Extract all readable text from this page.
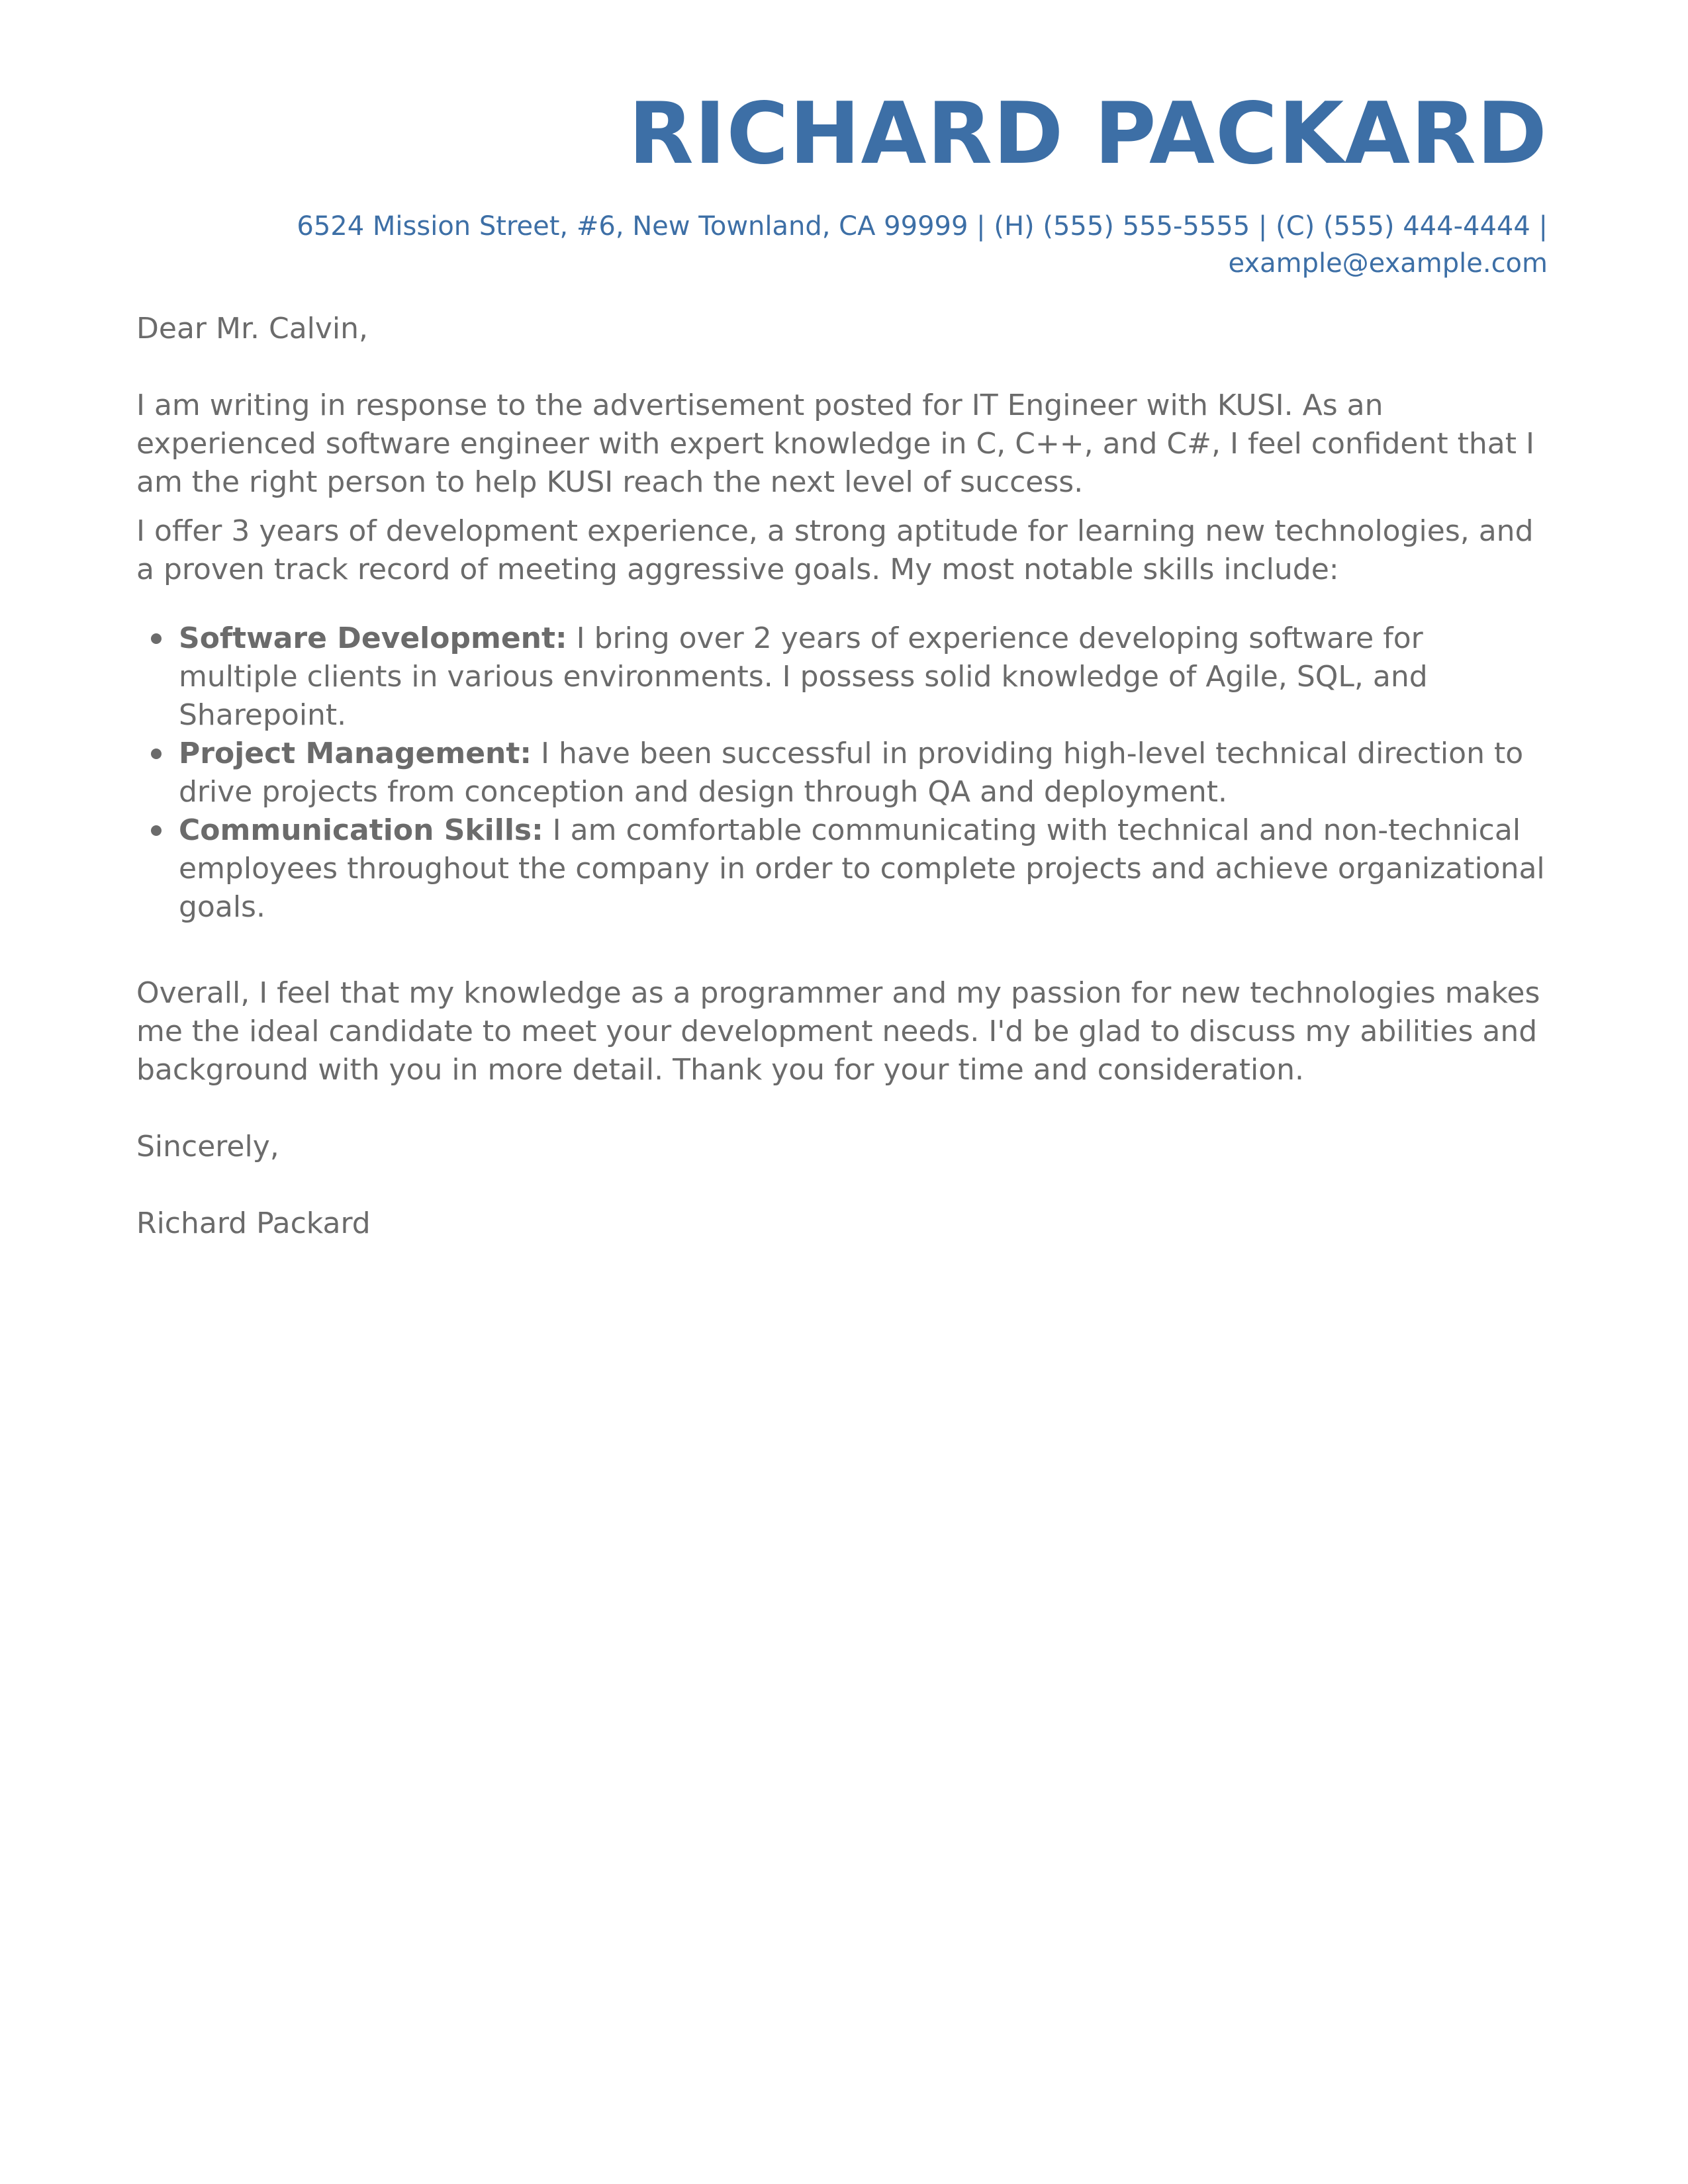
RICHARD PACKARD
6524 Mission Street, #6, New Townland, CA 99999 | (H) (555) 555-5555 | (C) (555) 444-4444 |
example@example.com

Dear Mr. Calvin,

I am writing in response to the advertisement posted for IT Engineer with KUSI. As an experienced software engineer with expert knowledge in C, C++, and C#, I feel confident that I am the right person to help KUSI reach the next level of success.

I offer 3 years of development experience, a strong aptitude for learning new technologies, and a proven track record of meeting aggressive goals. My most notable skills include:

Software Development: I bring over 2 years of experience developing software for multiple clients in various environments. I possess solid knowledge of Agile, SQL, and Sharepoint.
Project Management: I have been successful in providing high-level technical direction to drive projects from conception and design through QA and deployment.
Communication Skills: I am comfortable communicating with technical and non-technical employees throughout the company in order to complete projects and achieve organizational goals.

Overall, I feel that my knowledge as a programmer and my passion for new technologies makes me the ideal candidate to meet your development needs. I'd be glad to discuss my abilities and background with you in more detail. Thank you for your time and consideration.

Sincerely,

Richard Packard
